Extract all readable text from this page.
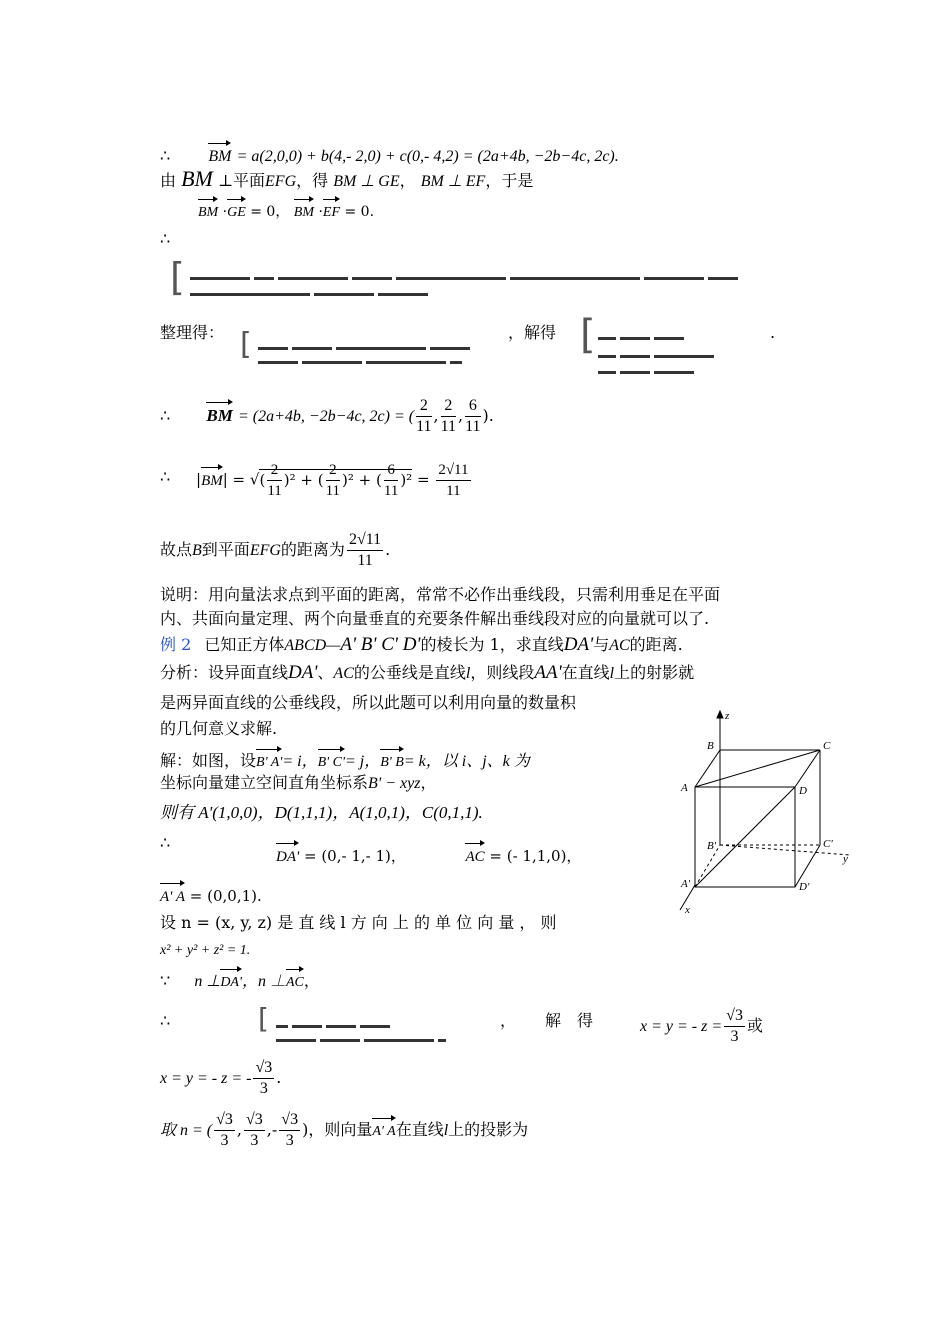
∴ BM = a(2,0,0) + b(4,- 2,0) + c(0,- 4,2) = (2a+4b, −2b−4c, 2c).
由 BM ⊥平面EFG，得 BM ⊥ GE， BM ⊥ EF，于是
BM ·GE = 0， BM ·EF = 0.
∴
[
整理得： [	，解得 [	.
∴ BM = (2a+4b, −2b−4c, 2c) = ( $\frac{2}{11}$ , $\frac{2}{11}$ , $\frac{6}{11}$ ).
∴ |BM| = √( $\frac{2}{11} )^2$ + ( $\frac{2}{11} )^2$ + ( $\frac{6}{11} )^2 = \frac{2√11}{11}$
故点B到平面EFG的距离为 $\frac{2√11}{11}$ .
说明：用向量法求点到平面的距离，常常不必作出垂线段，只需利用垂足在平面
内、共面向量定理、两个向量垂直的充要条件解出垂线段对应的向量就可以了.
例 2 已知正方体ABCD—A' B' C' D'的棱长为 1，求直线DA'与AC的距离.
分析：设异面直线DA'、AC的公垂线是直线l，则线段AA'在直线l上的射影就
是两异面直线的公垂线段，所以此题可以利用向量的数量积
的几何意义求解.
解：如图，设B' A'= i，B' C'= j，B' B= k，以 i、j、k 为
坐标向量建立空间直角坐标系B' − xyz，
则有 A'(1,0,0)，D(1,1,1)，A(1,0,1)，C(0,1,1).
∴
DA' = (0,- 1,- 1)，	AC = (- 1,1,0)，
A' A = (0,0,1).
设 n = (x, y, z) 是 直 线 l 方 向 上 的 单 位 向 量 ， 则
x² + y² + z² = 1.
∵ n ⊥DA'，n ⊥AC，
∴	[	， 解　得	x = y = - $z = \frac{√3}{3}$ 或
x = y = - z = - $\frac{√3}{3}$ .
取 n = ( $\frac{√3}{3}$ , $\frac{√3}{3}$ ,- $\frac{√3}{3}$ )，则向量A' A在直线l上的投影为
z
y
x
B	C
A	D
B'	C'
A'	D'
